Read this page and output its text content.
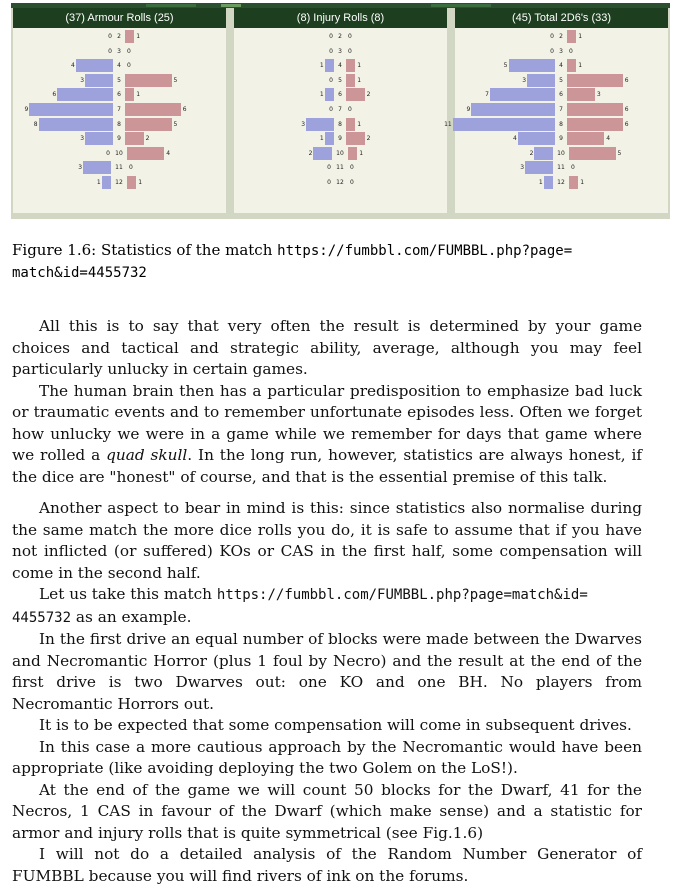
(37) Armour Rolls (25)
2
0	1
3
0	0
4
4	0
5
3	5
6
6	1
7
9	6
8
8	5
9
3	2
10
0	4
11
3	0
12
1	1
(8) Injury Rolls (8)
2
0	0
3
0	0
4
1	1
5
0	1
6
1	2
7
0	0
8
3	1
9
1	2
10
2	1
11
0	0
12
0	0
(45) Total 2D6's (33)
2
0	1
3
0	0
4
5	1
5
3	6
6
7	3
7
9	6
8
11	6
9
4	4
10
2	5
11
3	0
12
1	1
Figure 1.6: Statistics of the match https://fumbbl.com/FUMBBL.php?page=
match&id=4455732

All this is to say that very often the result is determined by your game choices and tactical and strategic ability, average, although you may feel particularly unlucky in certain games.

The human brain then has a particular predisposition to emphasize bad luck or traumatic events and to remember unfortunate episodes less. Often we forget how unlucky we were in a game while we remember for days that game where we rolled a quad skull. In the long run, however, statistics are always honest, if the dice are "honest" of course, and that is the essential premise of this talk.

Another aspect to bear in mind is this: since statistics also normalise during the same match the more dice rolls you do, it is safe to assume that if you have not inflicted (or suffered) KOs or CAS in the first half, some compensation will come in the second half.

Let us take this match https://fumbbl.com/FUMBBL.php?page=match&id=
4455732 as an example.

In the first drive an equal number of blocks were made between the Dwarves and Necromantic Horror (plus 1 foul by Necro) and the result at the end of the first drive is two Dwarves out: one KO and one BH. No players from Necromantic Horrors out.

It is to be expected that some compensation will come in subsequent drives.

In this case a more cautious approach by the Necromantic would have been appropriate (like avoiding deploying the two Golem on the LoS!).

At the end of the game we will count 50 blocks for the Dwarf, 41 for the Necros, 1 CAS in favour of the Dwarf (which make sense) and a statistic for armor and injury rolls that is quite symmetrical (see Fig.1.6)

I will not do a detailed analysis of the Random Number Generator of FUMBBL because you will find rivers of ink on the forums.
